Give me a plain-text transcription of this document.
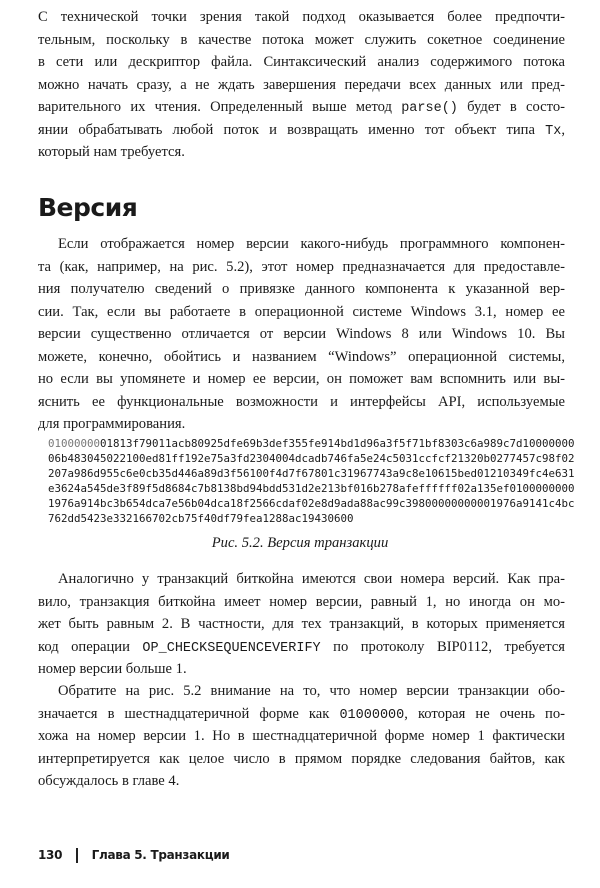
С технической точки зрения такой подход оказывается более предпочти-
тельным, поскольку в качестве потока может служить сокетное соединение
в сети или дескриптор файла. Синтаксический анализ содержимого потока
можно начать сразу, а не ждать завершения передачи всех данных или пред-
варительного их чтения. Определенный выше метод parse() будет в состо-
янии обрабатывать любой поток и возвращать именно тот объект типа Tx,
который нам требуется.
Версия
Если отображается номер версии какого-нибудь программного компонен-
та (как, например, на рис. 5.2), этот номер предназначается для предоставле-
ния получателю сведений о привязке данного компонента к указанной вер-
сии. Так, если вы работаете в операционной системе Windows 3.1, номер ее
версии существенно отличается от версии Windows 8 или Windows 10. Вы
можете, конечно, обойтись и названием “Windows” операционной системы,
но если вы упомянете и номер ее версии, он поможет вам вспомнить или вы-
яснить ее функциональные возможности и интерфейсы API, используемые
для программирования.
0100000001813f79011acb80925dfe69b3def355fe914bd1d96a3f5f71bf8303c6a989c7d10000000
06b483045022100ed81ff192e75a3fd2304004dcadb746fa5e24c5031ccfcf21320b0277457c98f02
207a986d955c6e0cb35d446a89d3f56100f4d7f67801c31967743a9c8e10615bed01210349fc4e631
e3624a545de3f89f5d8684c7b8138bd94bdd531d2e213bf016b278afeffffff02a135ef0100000000
1976a914bc3b654dca7e56b04dca18f2566cdaf02e8d9ada88ac99c39800000000001976a9141c4bc
762dd5423e332166702cb75f40df79fea1288ac19430600
Рис. 5.2. Версия транзакции
Аналогично у транзакций биткойна имеются свои номера версий. Как пра-
вило, транзакция биткойна имеет номер версии, равный 1, но иногда он мо-
жет быть равным 2. В частности, для тех транзакций, в которых применяется
код операции OP_CHECKSEQUENCEVERIFY по протоколу BIP0112, требуется
номер версии больше 1.
Обратите на рис. 5.2 внимание на то, что номер версии транзакции обо-
значается в шестнадцатеричной форме как 01000000, которая не очень по-
хожа на номер версии 1. Но в шестнадцатеричной форме номер 1 фактически
интерпретируется как целое число в прямом порядке следования байтов, как
обсуждалось в главе 4.
130 Глава 5. Транзакции
